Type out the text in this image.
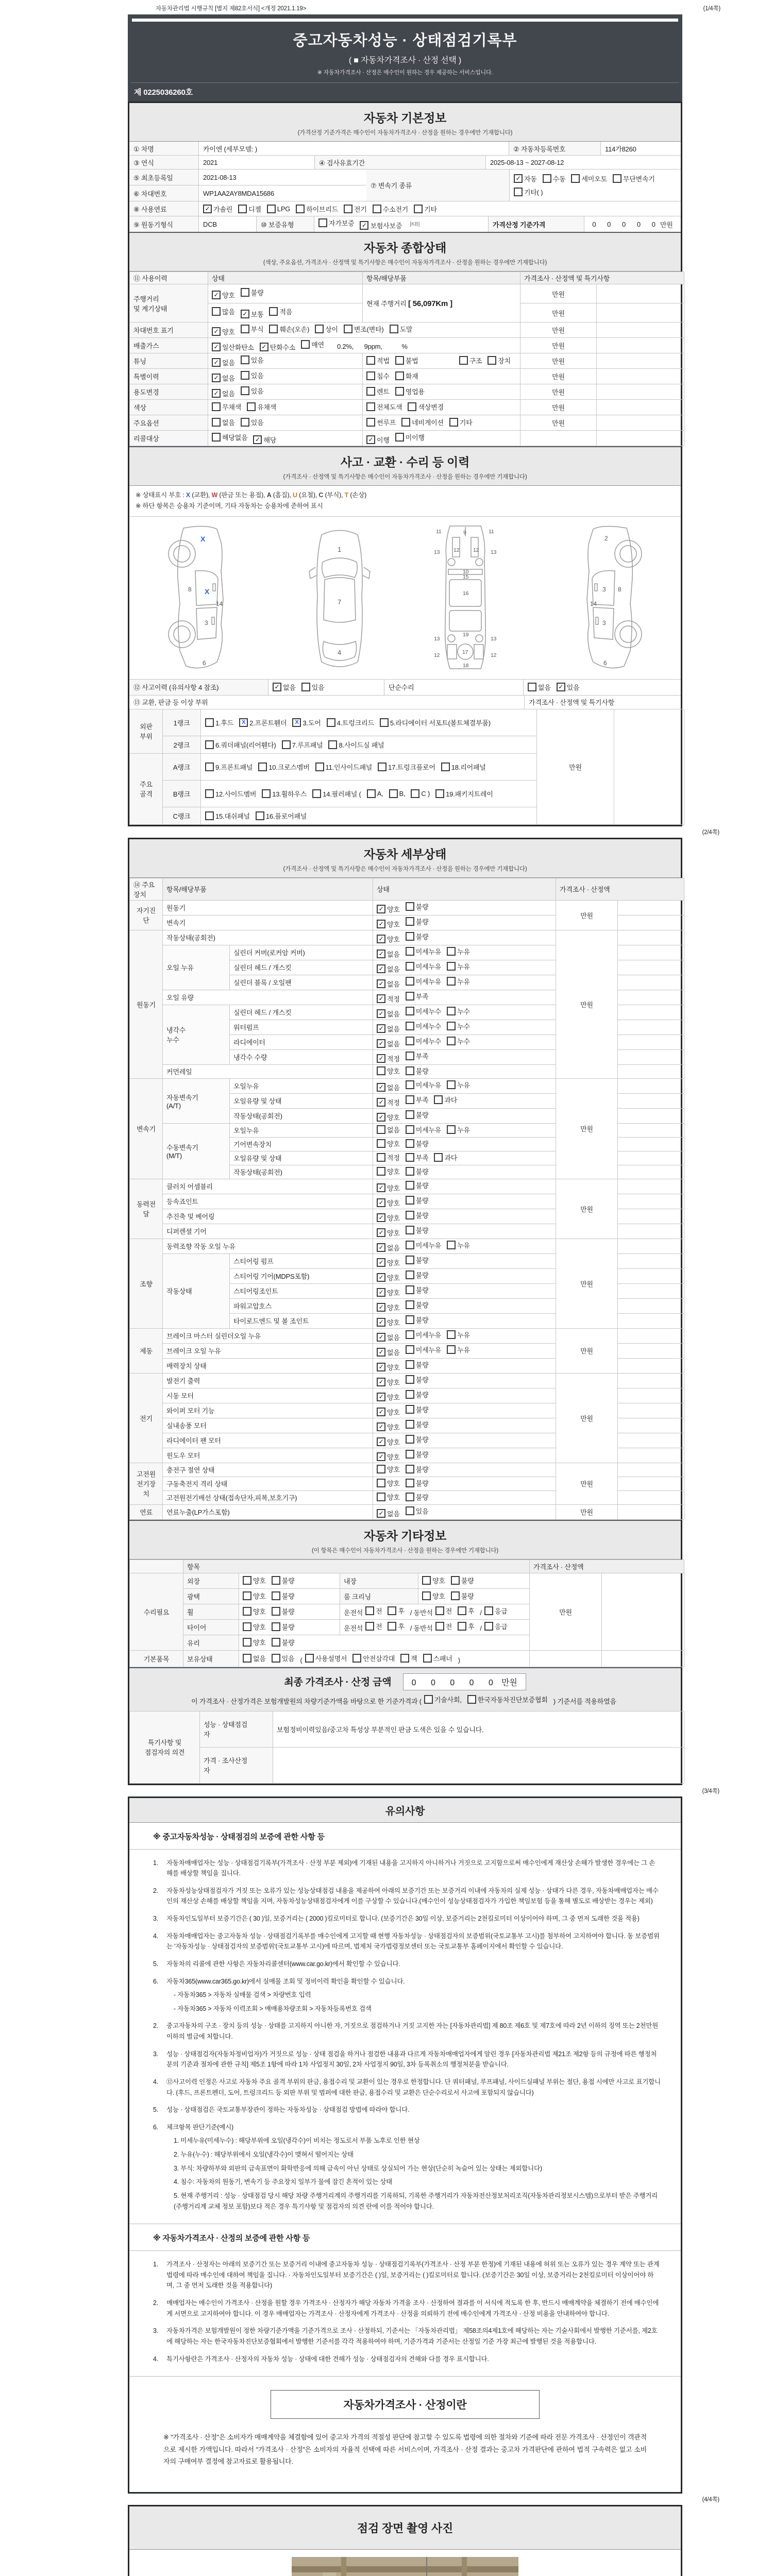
자동차관리법 시행규칙 [별지 제82호서식] <개정 2021.1.19>	(1/4쪽)
중고자동차성능 · 상태점검기록부
( ■ 자동차가격조사 · 산정 선택 )
※ 자동차가격조사 · 산정은 매수인이 원하는 경우 제공하는 서비스입니다.
제 0225036260호
자동차 기본정보
(가격산정 기준가격은 매수인이 자동차가격조사 · 산정을 원하는 경우에만 기재합니다)
① 차명	카이엔 (세부모델: )	② 자동차등록번호	114가8260
③ 연식	2021	④ 검사유효기간	2025-08-13 ~ 2027-08-12
⑤ 최초등록일	2021-08-13
⑥ 차대번호	WP1AA2AY8MDA15686
⑦ 변속기 종류
✓ 자동 수동 세미오토 무단변속기
기타( )
⑧ 사용연료	✓ 가솔린 디젤 LPG 하이브리드 전기 수소전기 기타
⑨ 원동기형식	DCB	⑩ 보증유형	자가보증 ✓ 보험사보증 [KB]	가격산정 기준가격	0 0 0 0 0 만원
자동차 종합상태
(색상, 주요옵션, 가격조사 · 산정액 및 특기사항은 매수인이 자동차가격조사 · 산정을 원하는 경우에만 기재합니다)
⑪ 사용이력	상태	항목/해당부품	가격조사 · 산정액 및 특기사항	
주행거리
및 계기상태	✓ 양호 불량	현재 주행거리 [ 56,097Km ]	만원	

	많음 ✓ 보통 적음		만원	
차대번호 표기	✓ 양호 부식 훼손(오손) 상이 변조(변타) 도말	만원	
배출가스	✓ 일산화탄소 ✓ 탄화수소 매연 0.2%,      9ppm,           %	만원	
튜닝	✓ 없음 있음	적법 불법 구조 장치	만원	
특별이력	✓ 없음 있음	침수 화재	만원	
용도변경	✓ 없음 있음	렌트 영업용	만원	
색상	무채색 유채색	전체도색 색상변경	만원	
주요옵션	없음 있음	썬루프 네비게이션 기타	만원	
리콜대상	해당없음 ✓ 해당	✓ 이행 미이행		

사고 · 교환 · 수리 등 이력
(가격조사 · 산정액 및 특기사항은 매수인이 자동차가격조사 · 산정을 원하는 경우에만 기재합니다)
※ 상태표시 부호 : X (교환), W (판금 또는 용접), A (흠집), U (요철), C (부식), T (손상)
※ 하단 항목은 승용차 기준이며, 기타 자동차는 승용차에 준하여 표시
8
14
3
6
X
X
1
7
4
11	11
13	13
12	12
9
10
15
16
19
13	13
12	12
17
18
2
3 8
14
3
6
⑫ 사고이력 (유의사항 4 참조)	✓ 없음 있음	단순수리	없음 ✓ 있음
⑬ 교환, 판금 등 이상 부위	가격조사 · 산정액 및 특기사항
외판
부위	1랭크	1.후드	X 2.프론트휀더	X 3.도어 4.트렁크리드 5.라디에이터 서포트(볼트체결부품)
	만원	
	2랭크	6.쿼더패널(리어휀다) 7.루프패널 8.사이드실 패널		

주요
골격	A랭크	9.프론트패널 10.크로스멤버 11.인사이드패널 17.트렁크플로어 18.리어패널		

B랭크	12.사이드멤버 13.휠하우스 14.필러패널 ( A, B, C ) 19.패키지트레이

	C랭크	15.대쉬패널 16.플로어패널		
(2/4쪽)
자동차 세부상태
(가격조사 · 산정액 및 특기사항은 매수인이 자동차가격조사 · 산정을 원하는 경우에만 기재합니다)
⑭ 주요장치	항목/해당부품		상태	가격조사 · 산정액	
자기진단	원동기		✓ 양호 불량	만원	
	변속기		✓ 양호 불량		

원동기	작동상태(공회전)		✓ 양호 불량	만원	
	오일 누유	실린더 커버(로커암 커버)	✓ 없음 미세누유 누유		

		실린더 헤드 / 개스킷	✓ 없음 미세누유 누유		

		실린더 블록 / 오일팬	✓ 없음 미세누유 누유		

	오일 유량		✓ 적정 부족		

	냉각수
누수	실린더 헤드 / 개스킷	✓ 없음 미세누수 누수		

		워터펌프	✓ 없음 미세누수 누수		

		라디에이터	✓ 없음 미세누수 누수		

		냉각수 수량	✓ 적정 부족		

	커먼레일		양호 불량		

변속기	자동변속기
(A/T)	오일누유	✓ 없음 미세누유 누유	만원	
		오일유량 및 상태	✓ 적정 부족 과다		

		작동상태(공회전)	✓ 양호 불량		

	수동변속기
(M/T)	오일누유	없음 미세누유 누유		

		기어변속장치	양호 불량		

		오일유량 및 상태	적정 부족 과다		

		작동상태(공회전)	양호 불량		

동력전달	클러치 어셈블리		✓ 양호 불량	만원	
	등속죠인트		✓ 양호 불량		

	추진축 및 베어링		✓ 양호 불량		

	디퍼렌셜 기어		✓ 양호 불량		

조향	동력조향 작동 오일 누유		✓ 없음 미세누유 누유	만원	
	작동상태	스티어링 펌프	✓ 양호 불량		

		스티어링 기어(MDPS포함)	✓ 양호 불량		

		스티어링조인트	✓ 양호 불량		

		파워고압호스	✓ 양호 불량		

		타이로드엔드 및 볼 조인트	✓ 양호 불량		

제동	브레이크 마스터 실린더오일 누유		✓ 없음 미세누유 누유	만원	
	브레이크 오일 누유		✓ 없음 미세누유 누유		

	배력장치 상태		✓ 양호 불량		

전기	발전기 출력		✓ 양호 불량	만원	
	시동 모터		✓ 양호 불량		

	와이퍼 모터 기능		✓ 양호 불량		

	실내송풍 모터		✓ 양호 불량		

	라디에이터 팬 모터		✓ 양호 불량		

	윈도우 모터		✓ 양호 불량		

고전원
전기장치	충전구 절연 상태		양호 불량	만원	
	구동축전지 격리 상태		양호 불량		

	고전원전기배선 상태(접속단자,피복,보호기구)		양호 불량		

연료	연료누출(LP가스포함)		✓ 없음 있음	만원	
자동차 기타정보
(이 항목은 매수인이 자동차가격조사 · 산정을 원하는 경우에만 기재합니다)
	항목				가격조사 · 산정액	
수리필요	외장	양호 불량	내장	양호 불량	만원	
	광택	양호 불량	룸 크리닝	양호 불량		

휠	양호 불량	운전석 전 후 / 동반석 전 후 / 응급

타이어	양호 불량	운전석 전 후 / 동반석 전 후 / 응급

	유리	양호 불량				

기본품목	보유상태	없음 있음 ( 사용설명서 안전삼각대 잭 스패너 )

최종 가격조사 · 산정 금액 0 0 0 0 0 만원
이 가격조사 · 산정가격은 보험개발원의 차량기준가액을 바탕으로 한 기준가격과 ( 기술사회, 한국자동차진단보증협회 ) 기준서를 적용하였음
특기사항 및
점검자의 의견	성능 · 상태점검
자	보험정비이력있음/중고차 특성상 부분적인 판금 도색은 있을 수 있습니다.
	가격 · 조사산정
자	
(3/4쪽)
유의사항
※ 중고자동차성능 · 상태점검의 보증에 관한 사항 등
1.	자동차매매업자는 성능 · 상태점검기록부(가격조사 · 산정 부분 제외)에 기재된 내용을 고지하지 아니하거나 거짓으로 고지함으로써 매수인에게 재산상 손해가 발생한 경우에는 그 손해를 배상할 책임을 집니다.
2.	자동차성능상태점검자가 거짓 또는 오류가 있는 성능상태점검 내용을 제공하여 아래의 보증기간 또는 보증거리 이내에 자동차의 실제 성능 · 상태가 다른 경우, 자동차매매업자는 매수인의 재산상 손해를 배상할 책임을 지며, 자동차성능상태점검자에게 이를 구상할 수 있습니다.(매수인이 성능상태점검자가 가입한 책임보험 등을 통해 별도로 배상받는 경우는 제외)
3.	자동차인도일부터 보증기간은 ( 30 )일, 보증거리는 ( 2000 )킬로미터로 합니다. (보증기간은 30일 이상, 보증거리는 2천킬로미터 이상이어야 하며, 그 중 먼저 도래한 것을 적용)
4.	자동차매매업자는 중고자동차 성능 · 상태점검기록부를 매수인에게 고지할 때 현행 자동차성능 · 상태점검자의 보증범위(국토교통부 고시)를 첨부하여 고지하여야 합니다. 동 보증범위는 '자동차성능 · 상태점검자의 보증범위'(국토교통부 고시)에 따르며, 법제처 국가법령정보센터 또는 국토교통부 홈페이지에서 확인할 수 있습니다.
5.	자동차의 리콜에 관한 사항은 자동차리콜센터(www.car.go.kr)에서 확인할 수 있습니다.
6.	자동차365(www.car365.go.kr)에서 실매물 조회 및 정비이력 확인을 확인할 수 있습니다.
- 자동차365 > 자동차 실매물 검색 > 차량번호 입력
- 자동차365 > 자동차 이력조회 > 매매용차량조회 > 자동차등록번호 검색
2.	중고자동차의 구조 · 장치 등의 성능 · 상태를 고지하지 아니한 자, 거짓으로 점검하거나 거짓 고지한 자는 [자동차관리법] 제 80조 제6호 및 제7호에 따라 2년 이하의 징역 또는 2천만원 이하의 벌금에 처합니다.
3.	성능 · 상태점검자(자동차정비업자)가 거짓으로 성능 · 상태 점검을 하거나 점검한 내용과 다르게 자동차매매업자에게 알린 경우 [자동차관리법 제21조 제2항 등의 규정에 따른 행정처분의 기준과 절차에 관한 규칙] 제5조 1항에 따라 1차 사업정지 30일, 2차 사업정지 90일, 3차 등록취소의 행정처분을 받습니다.
4.	⑫사고이력 인정은 사고로 자동차 주요 골격 부위의 판금, 용접수리 및 교환이 있는 경우로 한정합니다. 단 쿼터패널, 루프패널, 사이드실패널 부위는 절단, 용접 시에만 사고로 표기합니다. (후드, 프론트펜더, 도어, 트렁크리드 등 외판 부위 및 범퍼에 대한 판금, 용접수리 및 교환은 단순수리로서 사고에 포함되지 않습니다)
5.	성능 · 상태점검은 국토교통부장관이 정하는 자동차성능 · 상태점검 방법에 따라야 합니다.
6.	체크항목 판단기준(예시)
1. 미세누유(미세누수) : 해당부위에 오일(냉각수)이 비치는 정도로서 부품 노후로 인한 현상
2. 누유(누수) : 해당부위에서 오일(냉각수)이 맺혀서 떨어지는 상태
3. 부식: 차량하부와 외판의 금속표면이 화학반응에 의해 금속이 아닌 상태로 상실되어 가는 현상(단순히 녹슬어 있는 상태는 제외합니다)
4. 침수: 자동차의 원동기, 변속기 등 주요장치 일부가 물에 잠긴 흔적이 있는 상태
5. 현재 주행거리 : 성능 · 상태점검 당시 해당 차량 주행거리계의 주행거리를 기록하되, 기록한 주행거리가 자동차전산정보처리조직(자동차관리정보시스템)으로부터 받은 주행거리(주행거리계 교체 정보 포함)보다 적은 경우 특기사항 및 점검자의 의견 란에 이를 적어야 합니다.
※ 자동차가격조사 · 산정의 보증에 관한 사항 등
1.	가격조사 · 산정자는 아래의 보증기간 또는 보증거리 이내에 중고자동차 성능 · 상태점검기록부(가격조사 · 산정 부분 한정)에 기재된 내용에 허위 또는 오류가 있는 경우 계약 또는 관계법령에 따라 매수인에 대하여 책임을 집니다. · 자동차인도일부터 보증기간은 ( )일, 보증거리는 ( )킬로미터로 합니다. (보증기간은 30일 이상, 보증거리는 2천킬로미터 이상이어야 하며, 그 중 먼저 도래한 것을 적용합니다)
2.	매매업자는 매수인이 가격조사 · 산정을 원할 경우 가격조사 · 산정자가 해당 자동차 가격을 조사 · 산정하여 결과를 이 서식에 적도록 한 후, 반드시 매매계약을 체결하기 전에 매수인에게 서면으로 고지하여야 합니다. 이 경우 매매업자는 가격조사 · 산정자에게 가격조사 · 산정을 의뢰하기 전에 매수인에게 가격조사 · 산정 비용을 안내하여야 합니다.
3.	자동차가격은 보험개발원이 정한 차량기준가액을 기준가격으로 조사 · 산정하되, 기준서는 「자동차관리법」 제58조의4제1호에 해당하는 자는 기술사회에서 발행한 기준서를, 제2호에 해당하는 자는 한국자동차진단보증협회에서 발행한 기준서를 각각 적용하여야 하며, 기준가격과 기준서는 산정일 기준 가장 최근에 발행된 것을 적용합니다.
4.	특기사항란은 가격조사 · 산정자의 자동차 성능 · 상태에 대한 견해가 성능 · 상태점검자의 견해와 다를 경우 표시합니다.
자동차가격조사 · 산정이란
※ "가격조사 · 산정"은 소비자가 매매계약을 체결함에 있어 중고차 가격의 적절성 판단에 참고할 수 있도록 법령에 의한 절차와 기준에 따라 전문 가격조사 · 산정인이 객관적으로 제시한 가액입니다. 따라서 "가격조사 · 산정"은 소비자의 자율적 선택에 따른 서비스이며, 가격조사 · 산정 결과는 중고차 가격판단에 관하여 법적 구속력은 없고 소비자의 구매여부 결정에 참고자료로 활용됩니다.
(4/4쪽)
점검 장면 촬영 사진
